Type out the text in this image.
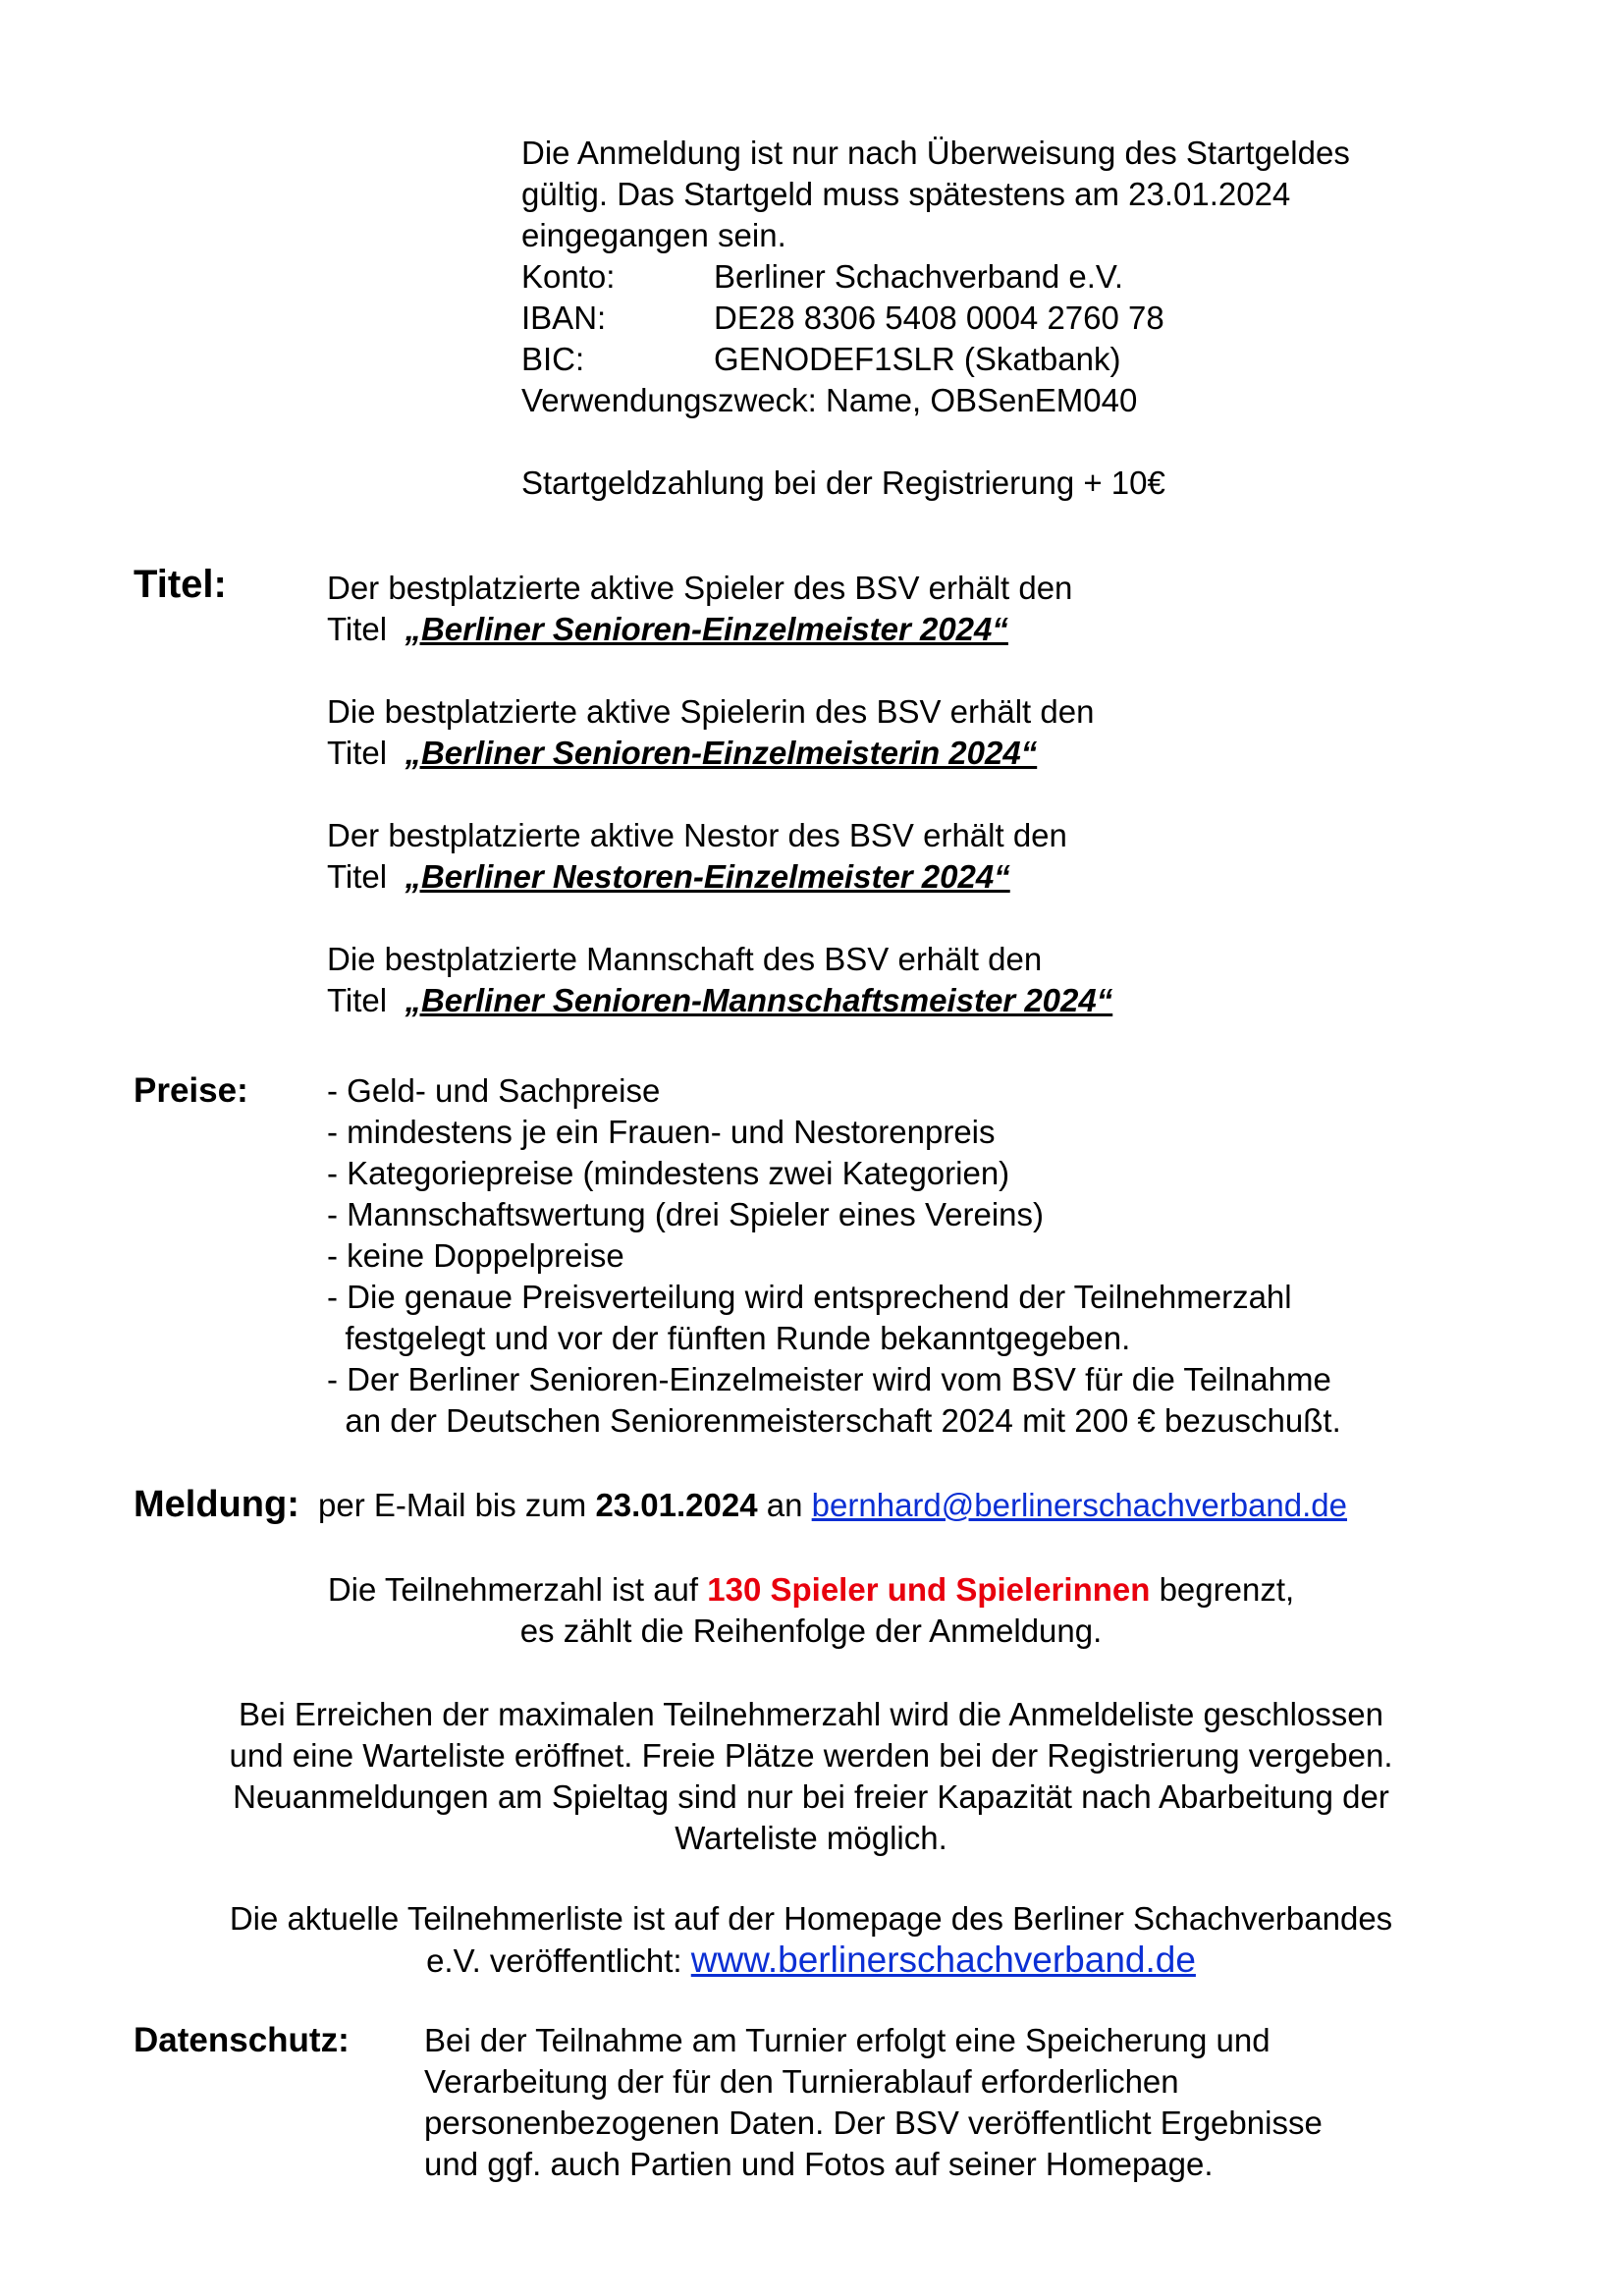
Die Anmeldung ist nur nach Überweisung des Startgeldes
gültig. Das Startgeld muss spätestens am 23.01.2024
eingegangen sein.
Konto:	Berliner Schachverband e.V.
IBAN:	DE28 8306 5408 0004 2760 78
BIC:	GENODEF1SLR (Skatbank)
Verwendungszweck: Name, OBSenEM040
Startgeldzahlung bei der Registrierung + 10€
Titel:	Der bestplatzierte aktive Spieler des BSV erhält den
Titel „Berliner Senioren-Einzelmeister 2024“
Die bestplatzierte aktive Spielerin des BSV erhält den
Titel „Berliner Senioren-Einzelmeisterin 2024“
Der bestplatzierte aktive Nestor des BSV erhält den
Titel „Berliner Nestoren-Einzelmeister 2024“
Die bestplatzierte Mannschaft des BSV erhält den
Titel „Berliner Senioren-Mannschaftsmeister 2024“
Preise: - Geld- und Sachpreise
- mindestens je ein Frauen- und Nestorenpreis
- Kategoriepreise (mindestens zwei Kategorien)
- Mannschaftswertung (drei Spieler eines Vereins)
- keine Doppelpreise
- Die genaue Preisverteilung wird entsprechend der Teilnehmerzahl
festgelegt und vor der fünften Runde bekanntgegeben.
- Der Berliner Senioren-Einzelmeister wird vom BSV für die Teilnahme
an der Deutschen Seniorenmeisterschaft 2024 mit 200 € bezuschußt.
Meldung: per E-Mail bis zum 23.01.2024 an bernhard@berlinerschachverband.de
Die Teilnehmerzahl ist auf 130 Spieler und Spielerinnen begrenzt,
es zählt die Reihenfolge der Anmeldung.
Bei Erreichen der maximalen Teilnehmerzahl wird die Anmeldeliste geschlossen
und eine Warteliste eröffnet. Freie Plätze werden bei der Registrierung vergeben.
Neuanmeldungen am Spieltag sind nur bei freier Kapazität nach Abarbeitung der
Warteliste möglich.
Die aktuelle Teilnehmerliste ist auf der Homepage des Berliner Schachverbandes
e.V. veröffentlicht: www.berlinerschachverband.de
Datenschutz: Bei der Teilnahme am Turnier erfolgt eine Speicherung und
Verarbeitung der für den Turnierablauf erforderlichen
personenbezogenen Daten. Der BSV veröffentlicht Ergebnisse
und ggf. auch Partien und Fotos auf seiner Homepage.
